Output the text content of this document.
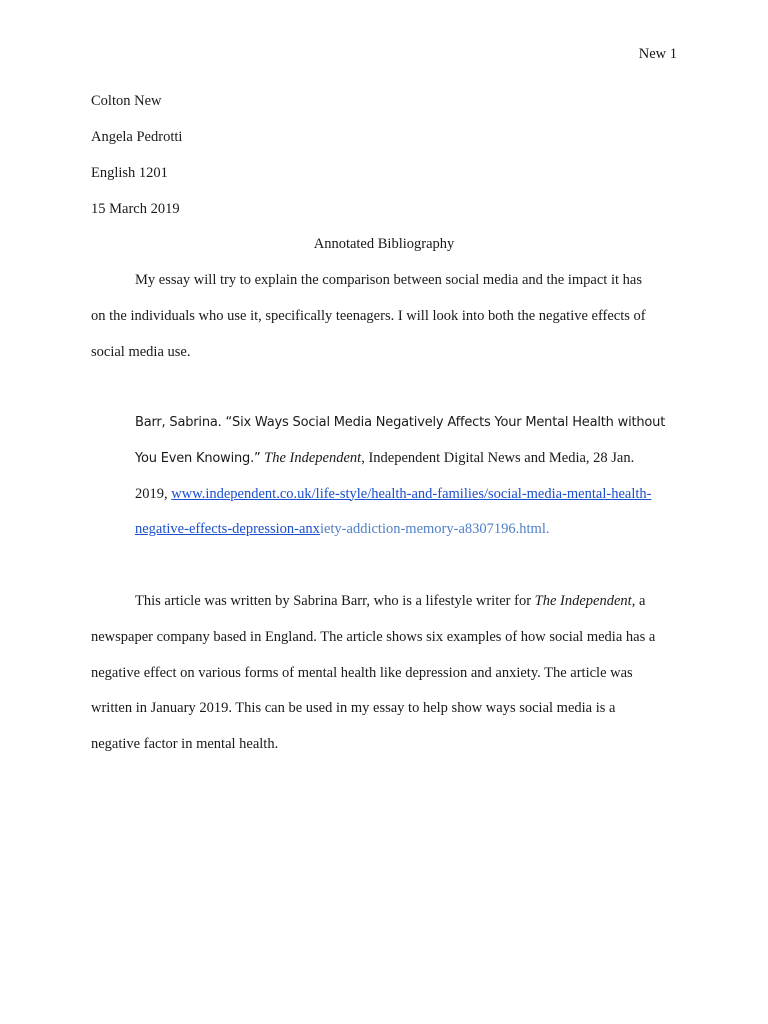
New 1
Colton New
Angela Pedrotti
English 1201
15 March 2019
Annotated Bibliography
My essay will try to explain the comparison between social media and the impact it has
on the individuals who use it, specifically teenagers. I will look into both the negative effects of
social media use.
Barr, Sabrina. “Six Ways Social Media Negatively Affects Your Mental Health without
You Even Knowing.” The Independent, Independent Digital News and Media, 28 Jan.
2019, www.independent.co.uk/life-style/health-and-families/social-media-mental-health-
negative-effects-depression-anxiety-addiction-memory-a8307196.html.
This article was written by Sabrina Barr, who is a lifestyle writer for The Independent, a
newspaper company based in England. The article shows six examples of how social media has a
negative effect on various forms of mental health like depression and anxiety. The article was
written in January 2019. This can be used in my essay to help show ways social media is a
negative factor in mental health.
